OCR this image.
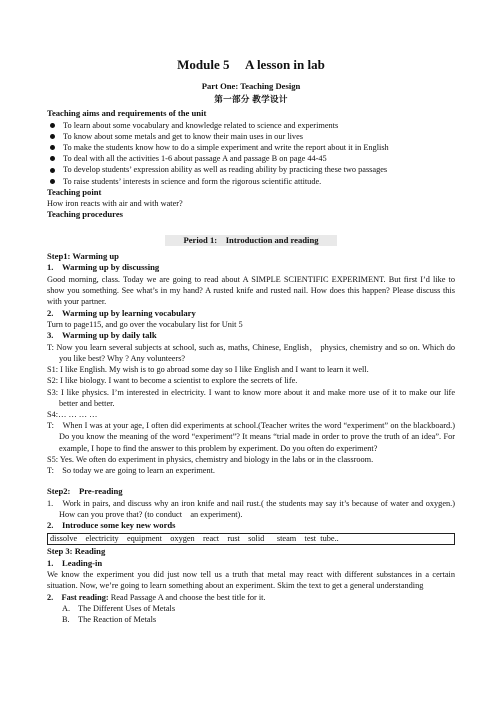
Module 5　 A lesson in lab

Part One: Teaching Design

第一部分 教学设计

Teaching aims and requirements of the unit

To learn about some vocabulary and knowledge related to science and experiments
To know about some metals and get to know their main uses in our lives
To make the students know how to do a simple experiment and write the report about it in English
To deal with all the activities 1-6 about passage A and passage B on page 44-45
To develop students’ expression ability as well as reading ability by practicing these two passages
To raise students’ interests in science and form the rigorous scientific attitude.

Teaching point

How iron reacts with air and with water?

Teaching procedures

Period 1:　Introduction and reading

Step1: Warming up

1.　Warming up by discussing

Good morning, class. Today we are going to read about A SIMPLE SCIENTIFIC EXPERIMENT. But first I’d like to show you something. See what’s in my hand? A rusted knife and rusted nail. How does this happen? Please discuss this with your partner.

2.　Warming up by learning vocabulary

Turn to page115, and go over the vocabulary list for Unit 5

3.　Warming up by daily talk

T: Now you learn several subjects at school, such as, maths, Chinese, English， physics, chemistry and so on. Which do you like best? Why ? Any volunteers?

S1: I like English. My wish is to go abroad some day so I like English and I want to learn it well.

S2: I like biology. I want to become a scientist to explore the secrets of life.

S3: I like physics. I’m interested in electricity. I want to know more about it and make more use of it to make our life better and better.

S4:… … … …

T:　When I was at your age, I often did experiments at school.(Teacher writes the word “experiment” on the blackboard.) Do you know the meaning of the word “experiment”? It means “trial made in order to prove the truth of an idea”. For example, I hope to find the answer to this problem by experiment. Do you often do experiment?

S5: Yes. We often do experiment in physics, chemistry and biology in the labs or in the classroom.

T:　So today we are going to learn an experiment.

Step2:　Pre-reading

1.　Work in pairs, and discuss why an iron knife and nail rust.( the students may say it’s because of water and oxygen.) How can you prove that? (to conduct　an experiment).

2.　Introduce some key new words

dissolve　electricity　equipment　oxygen　react　rust　solid　 steam　test tube..

Step 3: Reading

1.　Leading-in

We know the experiment you did just now tell us a truth that metal may react with different substances in a certain situation. Now, we’re going to learn something about an experiment. Skim the text to get a general understanding

2.　Fast reading: Read Passage A and choose the best title for it.

A. The Different Uses of Metals

B. The Reaction of Metals
